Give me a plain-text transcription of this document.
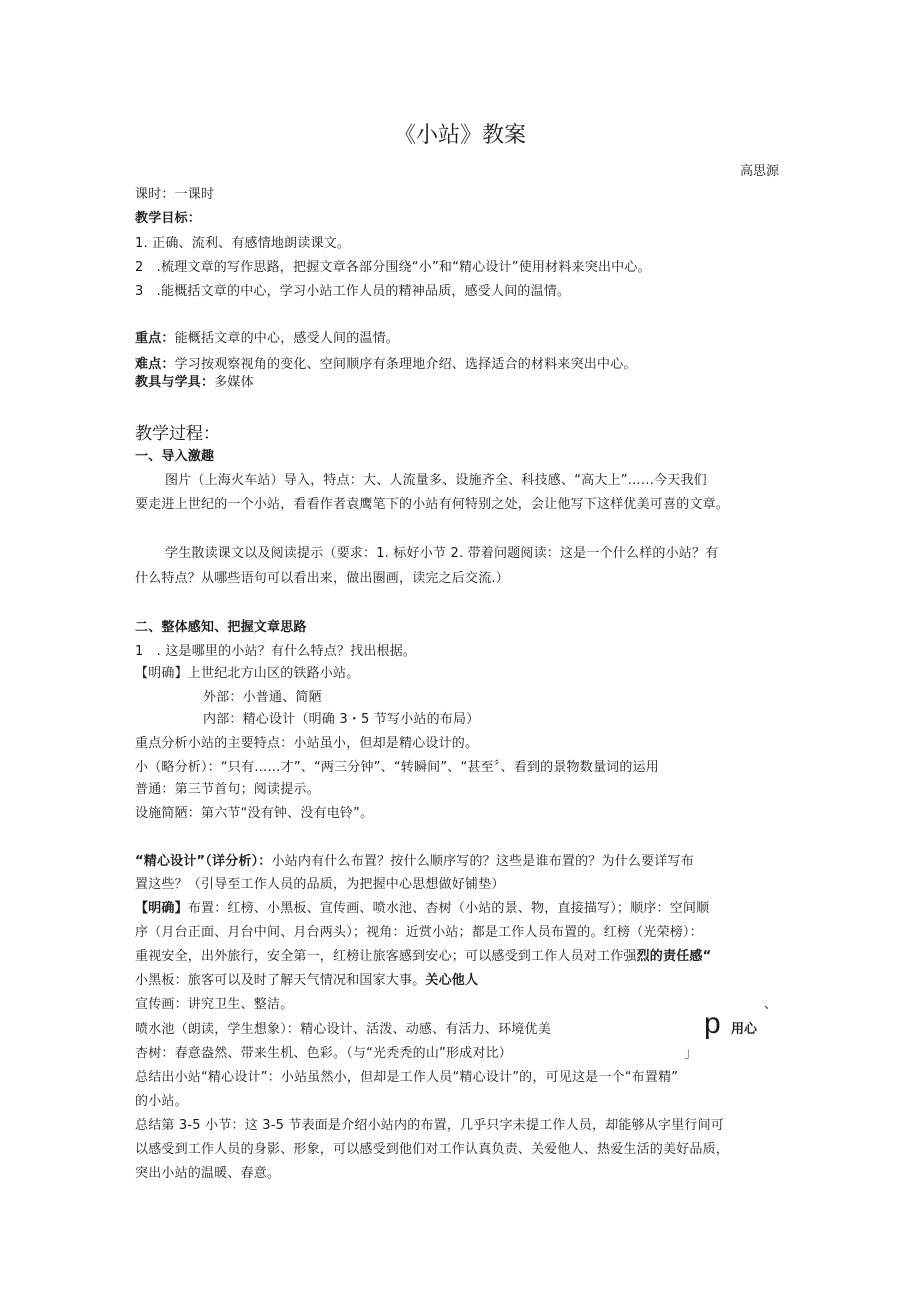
《小站》教案
高思源
课时：一课时
教学目标：
1. 正确、流利、有感情地朗读课文。
2　.梳理文章的写作思路，把握文章各部分围绕“小”和“精心设计”使用材料来突出中心。
3　.能概括文章的中心，学习小站工作人员的精神品质，感受人间的温情。
重点：能概括文章的中心，感受人间的温情。
难点：学习按观察视角的变化、空间顺序有条理地介绍、选择适合的材料来突出中心。
教具与学具：多媒体
教学过程：
一、导入激趣
图片（上海火车站）导入，特点：大、人流量多、设施齐全、科技感、“高大上”……今天我们
要走进上世纪的一个小站，看看作者袁鹰笔下的小站有何特别之处，会让他写下这样优美可喜的文章。
学生散读课文以及阅读提示（要求：1. 标好小节 2. 带着问题阅读：这是一个什么样的小站？有
什么特点？从哪些语句可以看出来，做出圈画，读完之后交流.）
二、整体感知、把握文章思路
1　. 这是哪里的小站？有什么特点？找出根据。
【明确】上世纪北方山区的铁路小站。
外部：小普通、简陋
内部：精心设计（明确 3・5 节写小站的布局）
重点分析小站的主要特点：小站虽小，但却是精心设计的。
小（略分析）：“只有……才”、“两三分钟”、“转瞬间”、“甚至〞、看到的景物数量词的运用
普通：第三节首句；阅读提示。
设施简陋：第六节“没有钟、没有电铃”。
“精心设计”（详分析）：小站内有什么布置？按什么顺序写的？这些是谁布置的？为什么要详写布
置这些？（引导至工作人员的品质，为把握中心思想做好铺垫）
【明确】布置：红榜、小黑板、宣传画、喷水池、杏树（小站的景、物，直接描写）；顺序：空间顺
序（月台正面、月台中间、月台两头）；视角：近赏小站；都是工作人员布置的。红榜（光荣榜）：
重视安全，出外旅行，安全第一，红榜让旅客感到安心；可以感受到工作人员对工作强烈的责任感“
小黑板：旅客可以及时了解天气情况和国家大事。关心他人
宣传画：讲究卫生、整洁。	、
喷水池（朗读，学生想象）：精心设计、活泼、动感、有活力、环境优美	p 用心
杏树：春意盎然、带来生机、色彩。（与“光秃秃的山”形成对比）	」
总结出小站“精心设计”：小站虽然小，但却是工作人员“精心设计”的，可见这是一个“布置精”
的小站。
总结第 3-5 小节：这 3-5 节表面是介绍小站内的布置，几乎只字未提工作人员，却能够从字里行间可
以感受到工作人员的身影、形象，可以感受到他们对工作认真负责、关爱他人、热爱生活的美好品质，
突出小站的温暖、春意。
